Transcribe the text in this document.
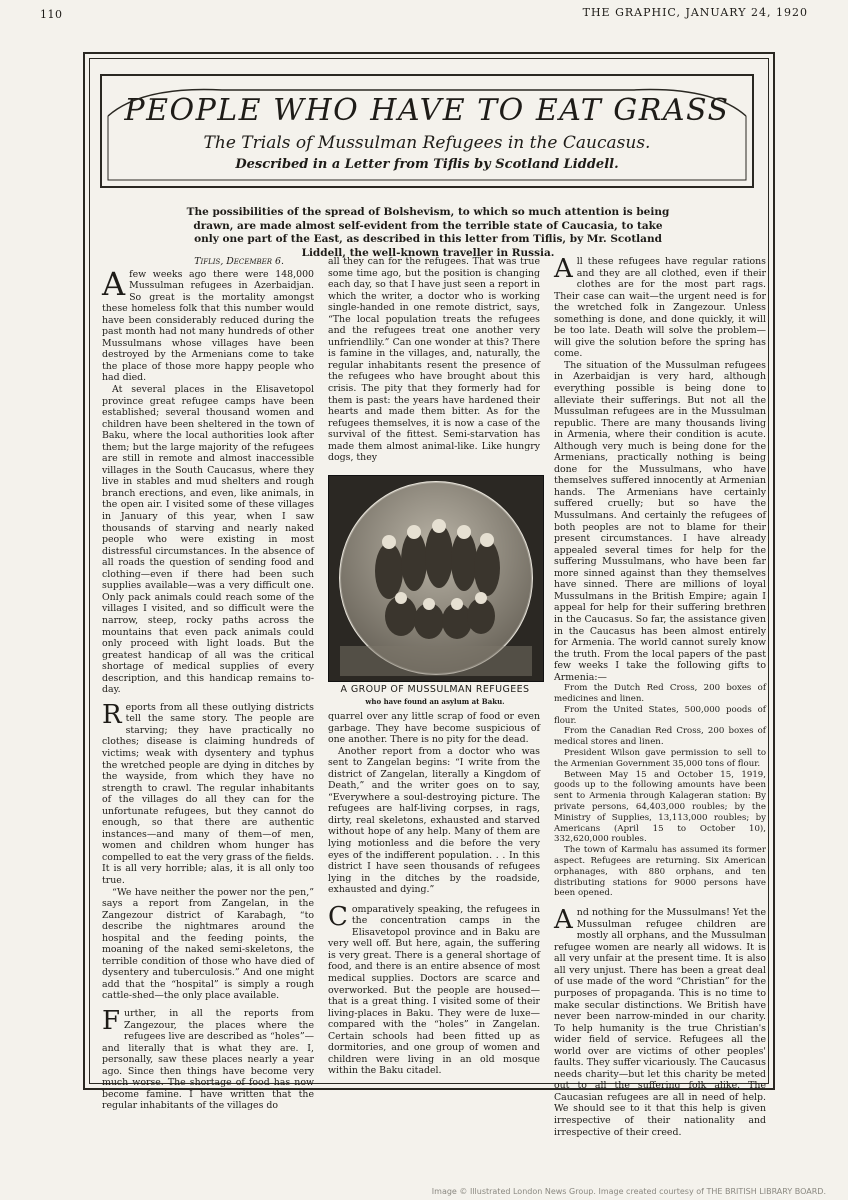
110	THE GRAPHIC, JANUARY 24, 1920
PEOPLE WHO HAVE TO EAT GRASS
The Trials of Mussulman Refugees in the Caucasus.
Described in a Letter from Tiflis by Scotland Liddell.
The possibilities of the spread of Bolshevism, to which so much attention is being drawn, are made almost self-evident from the terrible state of Caucasia, to take only one part of the East, as described in this letter from Tiflis, by Mr. Scotland Liddell, the well-known traveller in Russia.
Tiflis, December 6.

Afew weeks ago there were 148,000 Mussulman refugees in Azerbaidjan. So great is the mortality amongst these homeless folk that this number would have been considerably reduced during the past month had not many hundreds of other Mussulmans whose villages have been destroyed by the Armenians come to take the place of those more happy people who had died.

At several places in the Elisavetopol province great refugee camps have been established; several thousand women and children have been sheltered in the town of Baku, where the local authorities look after them; but the large majority of the refugees are still in remote and almost inaccessible villages in the South Caucasus, where they live in stables and mud shelters and rough branch erections, and even, like animals, in the open air. I visited some of these villages in January of this year, when I saw thousands of starving and nearly naked people who were existing in most distressful circumstances. In the absence of all roads the question of sending food and clothing—even if there had been such supplies available—was a very difficult one. Only pack animals could reach some of the villages I visited, and so difficult were the narrow, steep, rocky paths across the mountains that even pack animals could only proceed with light loads. But the greatest handicap of all was the critical shortage of medical supplies of every description, and this handicap remains to-day.

Reports from all these outlying districts tell the same story. The people are starving; they have practically no clothes; disease is claiming hundreds of victims; weak with dysentery and typhus the wretched people are dying in ditches by the wayside, from which they have no strength to crawl. The regular inhabitants of the villages do all they can for the unfortunate refugees, but they cannot do enough, so that there are authentic instances—and many of them—of men, women and children whom hunger has compelled to eat the very grass of the fields. It is all very horrible; alas, it is all only too true.

“We have neither the power nor the pen,” says a report from Zangelan, in the Zangezour district of Karabagh, “to describe the nightmares around the hospital and the feeding points, the moaning of the naked semi-skeletons, the terrible condition of those who have died of dysentery and tuberculosis.” And one might add that the “hospital” is simply a rough cattle-shed—the only place available.

Further, in all the reports from Zangezour, the places where the refugees live are described as “holes”—and literally that is what they are. I, personally, saw these places nearly a year ago. Since then things have become very much worse. The shortage of food has now become famine. I have written that the regular inhabitants of the villages do

all they can for the refugees. That was true some time ago, but the position is changing each day, so that I have just seen a report in which the writer, a doctor who is working single-handed in one remote district, says, “The local population treats the refugees and the refugees treat one another very unfriendlily.” Can one wonder at this? There is famine in the villages, and, naturally, the regular inhabitants resent the presence of the refugees who have brought about this crisis. The pity that they formerly had for them is past: the years have hardened their hearts and made them bitter. As for the refugees themselves, it is now a case of the survival of the fittest. Semi-starvation has made them almost animal-like. Like hungry dogs, they

A GROUP OF MUSSULMAN REFUGEES
who have found an asylum at Baku.

quarrel over any little scrap of food or even garbage. They have become suspicious of one another. There is no pity for the dead.

Another report from a doctor who was sent to Zangelan begins: “I write from the district of Zangelan, literally a Kingdom of Death,” and the writer goes on to say, “Everywhere a soul-destroying picture. The refugees are half-living corpses, in rags, dirty, real skeletons, exhausted and starved without hope of any help. Many of them are lying motionless and die before the very eyes of the indifferent population. . . In this district I have seen thousands of refugees lying in the ditches by the roadside, exhausted and dying.”

Comparatively speaking, the refugees in the concentration camps in the Elisavetopol province and in Baku are very well off. But here, again, the suffering is very great. There is a general shortage of food, and there is an entire absence of most medical supplies. Doctors are scarce and overworked. But the people are housed—that is a great thing. I visited some of their living-places in Baku. They were de luxe—compared with the “holes” in Zangelan. Certain schools had been fitted up as dormitories, and one group of women and children were living in an old mosque within the Baku citadel.

All these refugees have regular rations and they are all clothed, even if their clothes are for the most part rags. Their case can wait—the urgent need is for the wretched folk in Zangezour. Unless something is done, and done quickly, it will be too late. Death will solve the problem—will give the solution before the spring has come.

The situation of the Mussulman refugees in Azerbaidjan is very hard, although everything possible is being done to alleviate their sufferings. But not all the Mussulman refugees are in the Mussulman republic. There are many thousands living in Armenia, where their condition is acute. Although very much is being done for the Armenians, practically nothing is being done for the Mussulmans, who have themselves suffered innocently at Armenian hands. The Armenians have certainly suffered cruelly; but so have the Mussulmans. And certainly the refugees of both peoples are not to blame for their present circumstances. I have already appealed several times for help for the suffering Mussulmans, who have been far more sinned against than they themselves have sinned. There are millions of loyal Mussulmans in the British Empire; again I appeal for help for their suffering brethren in the Caucasus. So far, the assistance given in the Caucasus has been almost entirely for Armenia. The world cannot surely know the truth. From the local papers of the past few weeks I take the following gifts to Armenia:—

From the Dutch Red Cross, 200 boxes of medicines and linen.

From the United States, 500,000 poods of flour.

From the Canadian Red Cross, 200 boxes of medical stores and linen.

President Wilson gave permission to sell to the Armenian Government 35,000 tons of flour.

Between May 15 and October 15, 1919, goods up to the following amounts have been sent to Armenia through Kalageran station: By private persons, 64,403,000 roubles; by the Ministry of Supplies, 13,113,000 roubles; by Americans (April 15 to October 10), 332,620,000 roubles.

The town of Karmalu has assumed its former aspect. Refugees are returning. Six American orphanages, with 880 orphans, and ten distributing stations for 9000 persons have been opened.

And nothing for the Mussulmans! Yet the Mussulman refugee children are mostly all orphans, and the Mussulman refugee women are nearly all widows. It is all very unfair at the present time. It is also all very unjust. There has been a great deal of use made of the word “Christian” for the purposes of propaganda. This is no time to make secular distinctions. We British have never been narrow-minded in our charity. To help humanity is the true Christian's wider field of service. Refugees all the world over are victims of other peoples' faults. They suffer vicariously. The Caucasus needs charity—but let this charity be meted out to all the suffering folk alike. The Caucasian refugees are all in need of help. We should see to it that this help is given irrespective of their nationality and irrespective of their creed.

Image © Illustrated London News Group. Image created courtesy of THE BRITISH LIBRARY BOARD.
